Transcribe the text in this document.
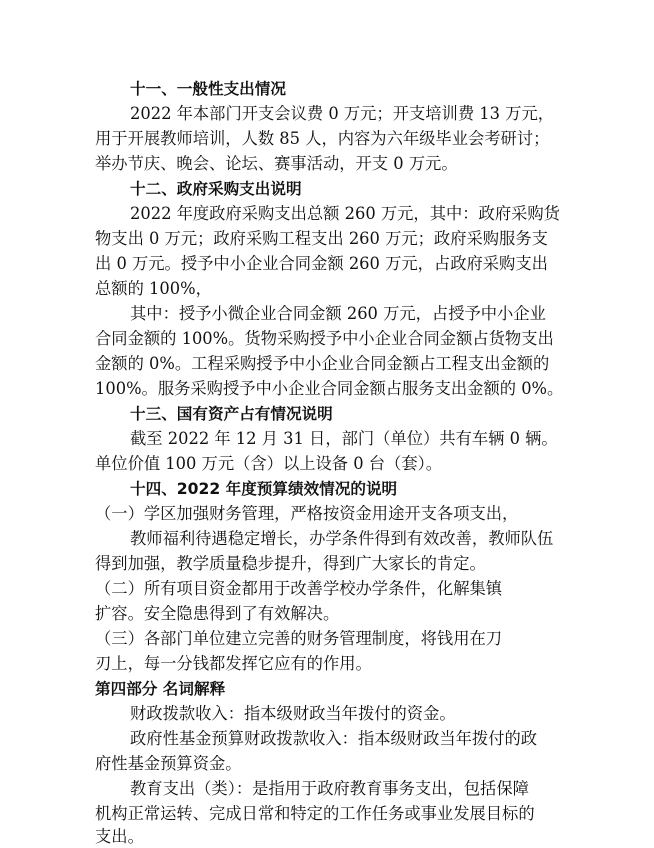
十一、一般性支出情况
2022 年本部门开支会议费 0 万元；开支培训费 13 万元，
用于开展教师培训，人数 85 人，内容为六年级毕业会考研讨；
举办节庆、晚会、论坛、赛事活动，开支 0 万元。
十二、政府采购支出说明
2022 年度政府采购支出总额 260 万元，其中：政府采购货
物支出 0 万元；政府采购工程支出 260 万元；政府采购服务支
出 0 万元。授予中小企业合同金额 260 万元，占政府采购支出
总额的 100%，
其中：授予小微企业合同金额 260 万元，占授予中小企业
合同金额的 100%。货物采购授予中小企业合同金额占货物支出
金额的 0%。工程采购授予中小企业合同金额占工程支出金额的
100%。服务采购授予中小企业合同金额占服务支出金额的 0%。
十三、国有资产占有情况说明
截至 2022 年 12 月 31 日，部门（单位）共有车辆 0 辆。
单位价值 100 万元（含）以上设备 0 台（套）。
十四、2022 年度预算绩效情况的说明
（一）学区加强财务管理，严格按资金用途开支各项支出，
教师福利待遇稳定增长，办学条件得到有效改善，教师队伍
得到加强，教学质量稳步提升，得到广大家长的肯定。
（二）所有项目资金都用于改善学校办学条件，化解集镇
扩容。安全隐患得到了有效解决。
（三）各部门单位建立完善的财务管理制度，将钱用在刀
刃上，每一分钱都发挥它应有的作用。
第四部分 名词解释
财政拨款收入：指本级财政当年拨付的资金。
政府性基金预算财政拨款收入：指本级财政当年拨付的政
府性基金预算资金。
教育支出（类）：是指用于政府教育事务支出，包括保障
机构正常运转、完成日常和特定的工作任务或事业发展目标的
支出。
